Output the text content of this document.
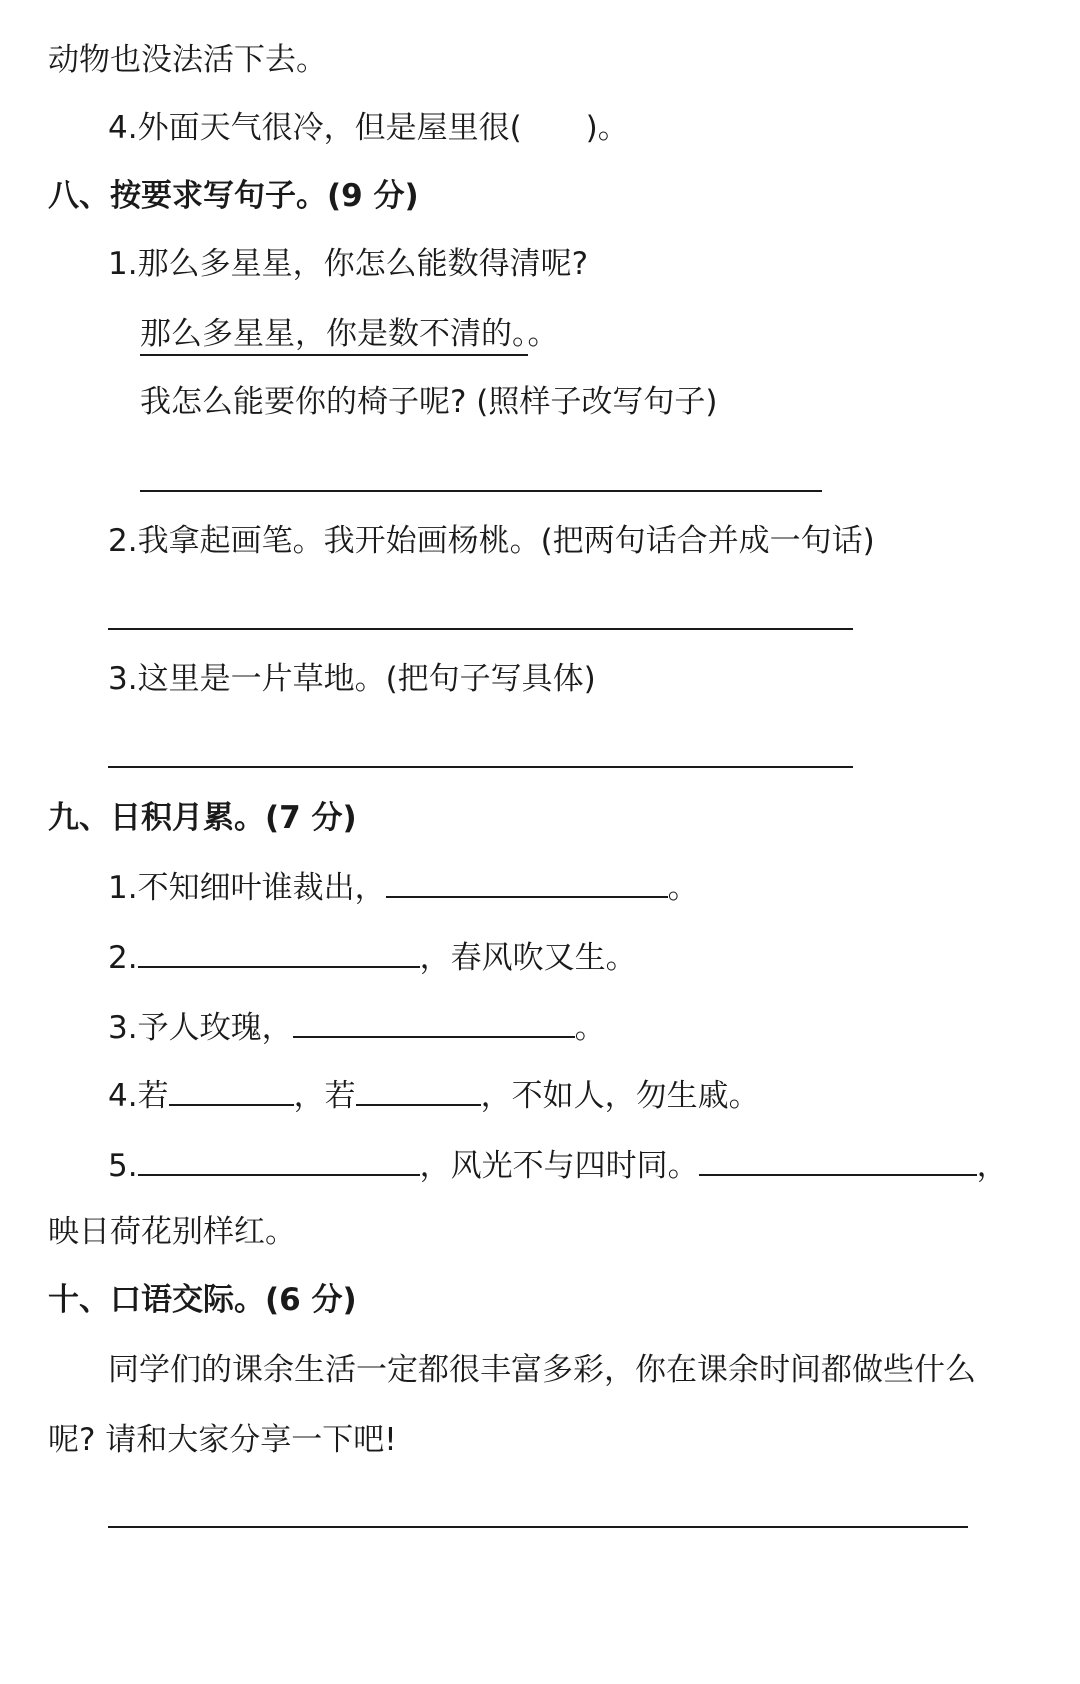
动物也没法活下去。
4.外面天气很冷，但是屋里很( )。
八、按要求写句子。(9 分)
1.那么多星星，你怎么能数得清呢?
那么多星星，你是数不清的。。
我怎么能要你的椅子呢? (照样子改写句子)
2.我拿起画笔。我开始画杨桃。(把两句话合并成一句话)
3.这里是一片草地。(把句子写具体)
九、日积月累。(7 分)
1.不知细叶谁裁出，	。
2.	，春风吹又生。
3.予人玫瑰，	。
4.若	，若	，不如人，勿生戚。
5.	，风光不与四时同。	，
映日荷花别样红。
十、口语交际。(6 分)
同学们的课余生活一定都很丰富多彩，你在课余时间都做些什么
呢? 请和大家分享一下吧!
